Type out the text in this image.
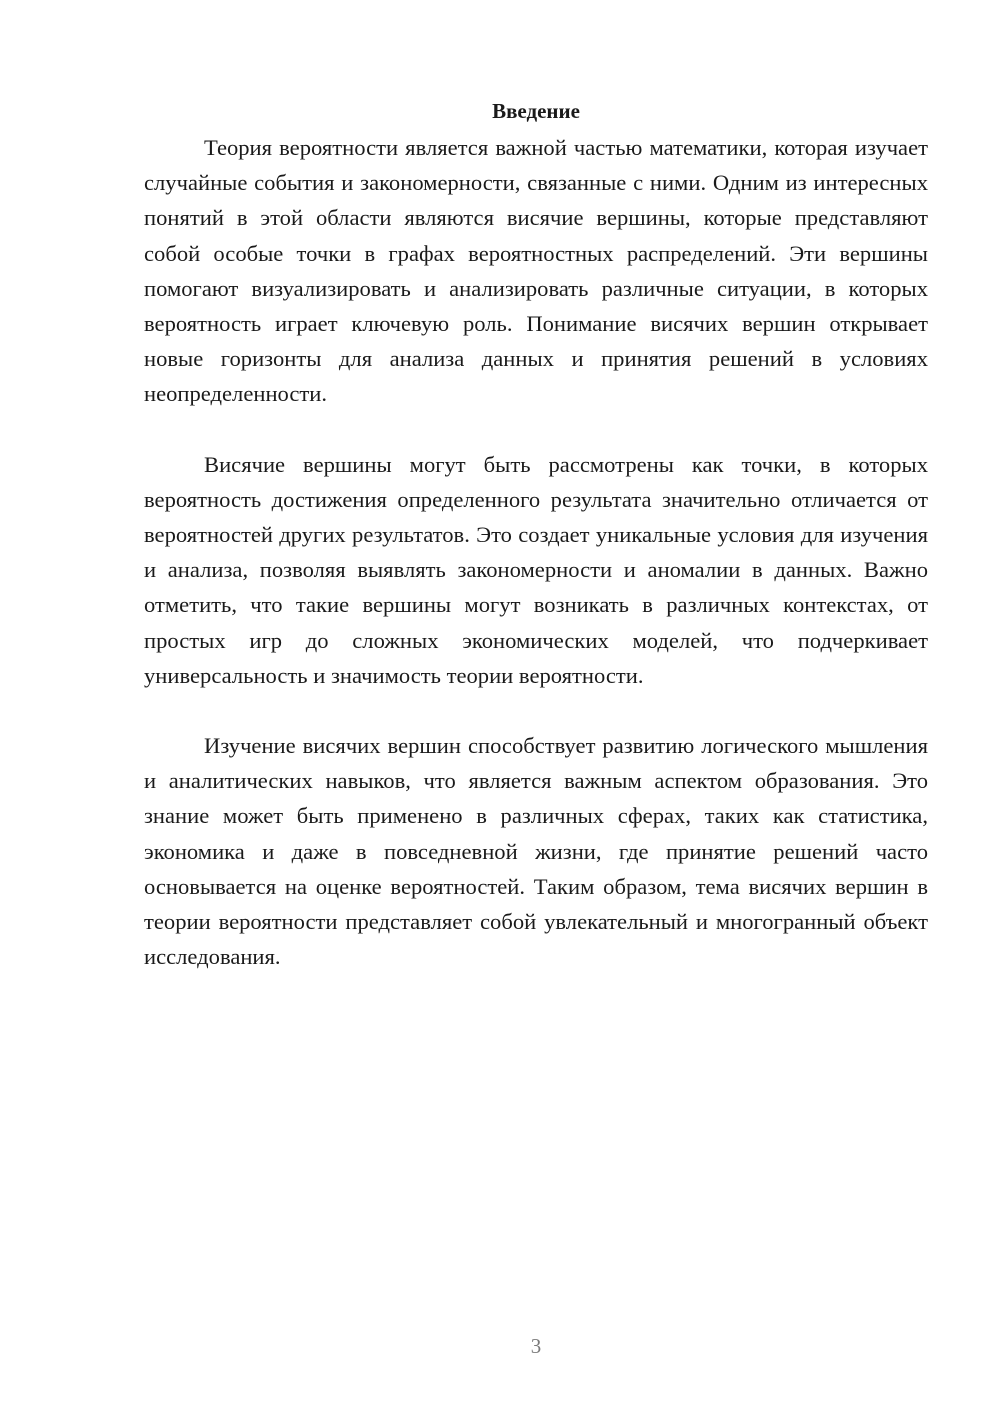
Введение

Теория вероятности является важной частью математики, которая изучает случайные события и закономерности, связанные с ними. Одним из интересных понятий в этой области являются висячие вершины, которые представляют собой особые точки в графах вероятностных распределений. Эти вершины помогают визуализировать и анализировать различные ситуации, в которых вероятность играет ключевую роль. Понимание висячих вершин открывает новые горизонты для анализа данных и принятия решений в условиях неопределенности.

Висячие вершины могут быть рассмотрены как точки, в которых вероятность достижения определенного результата значительно отличается от вероятностей других результатов. Это создает уникальные условия для изучения и анализа, позволяя выявлять закономерности и аномалии в данных. Важно отметить, что такие вершины могут возникать в различных контекстах, от простых игр до сложных экономических моделей, что подчеркивает универсальность и значимость теории вероятности.

Изучение висячих вершин способствует развитию логического мышления и аналитических навыков, что является важным аспектом образования. Это знание может быть применено в различных сферах, таких как статистика, экономика и даже в повседневной жизни, где принятие решений часто основывается на оценке вероятностей. Таким образом, тема висячих вершин в теории вероятности представляет собой увлекательный и многогранный объект исследования.

3
